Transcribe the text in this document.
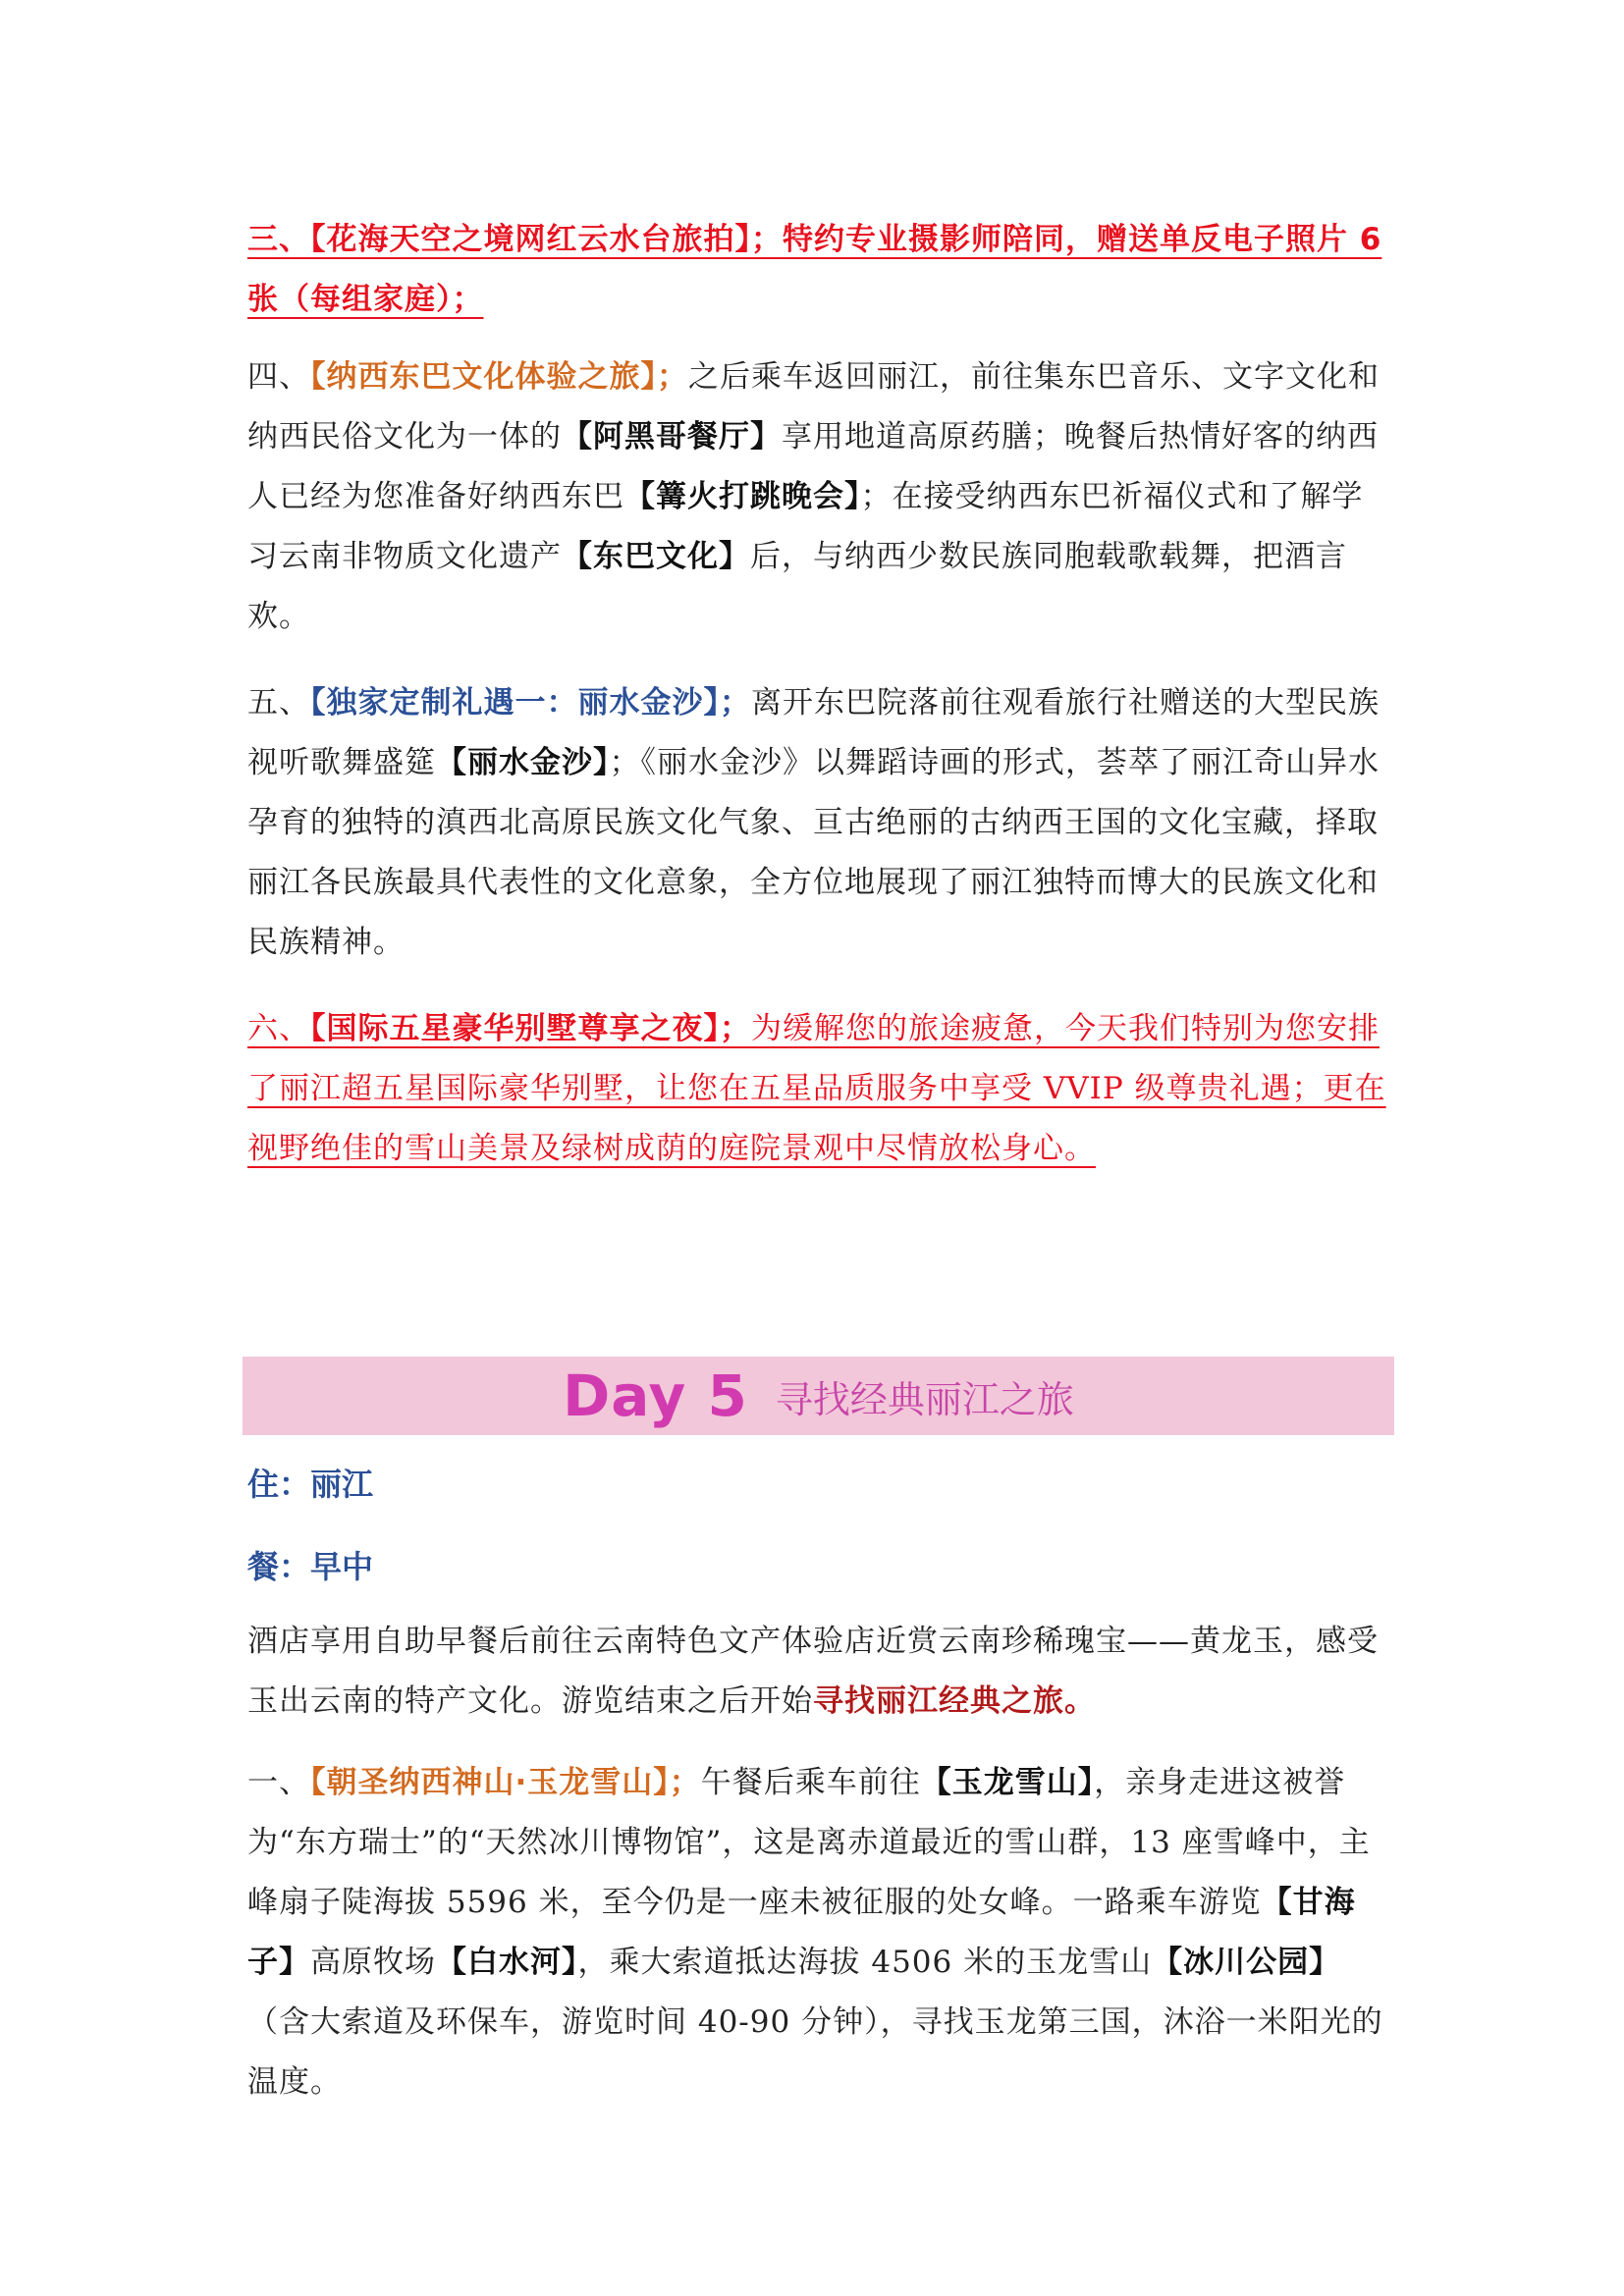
三、【花海天空之境网红云水台旅拍】；特约专业摄影师陪同，赠送单反电子照片 6 张（每组家庭）；

四、【纳西东巴文化体验之旅】；之后乘车返回丽江，前往集东巴音乐、文字文化和纳西民俗文化为一体的【阿黑哥餐厅】享用地道高原药膳；晚餐后热情好客的纳西人已经为您准备好纳西东巴【篝火打跳晚会】；在接受纳西东巴祈福仪式和了解学习云南非物质文化遗产【东巴文化】后，与纳西少数民族同胞载歌载舞，把酒言欢。

五、【独家定制礼遇一：丽水金沙】；离开东巴院落前往观看旅行社赠送的大型民族视听歌舞盛筵【丽水金沙】；《丽水金沙》以舞蹈诗画的形式，荟萃了丽江奇山异水孕育的独特的滇西北高原民族文化气象、亘古绝丽的古纳西王国的文化宝藏，择取丽江各民族最具代表性的文化意象，全方位地展现了丽江独特而博大的民族文化和民族精神。

六、【国际五星豪华别墅尊享之夜】；为缓解您的旅途疲惫，今天我们特别为您安排了丽江超五星国际豪华别墅，让您在五星品质服务中享受 VVIP 级尊贵礼遇；更在视野绝佳的雪山美景及绿树成荫的庭院景观中尽情放松身心。

Day 5 寻找经典丽江之旅
住：丽江
餐：早中

酒店享用自助早餐后前往云南特色文产体验店近赏云南珍稀瑰宝——黄龙玉，感受玉出云南的特产文化。游览结束之后开始寻找丽江经典之旅。

一、【朝圣纳西神山·玉龙雪山】；午餐后乘车前往【玉龙雪山】，亲身走进这被誉为“东方瑞士”的“天然冰川博物馆”，这是离赤道最近的雪山群，13 座雪峰中，主峰扇子陡海拔 5596 米，至今仍是一座未被征服的处女峰。一路乘车游览【甘海子】高原牧场【白水河】，乘大索道抵达海拔 4506 米的玉龙雪山【冰川公园】（含大索道及环保车，游览时间 40-90 分钟），寻找玉龙第三国，沐浴一米阳光的温度。
